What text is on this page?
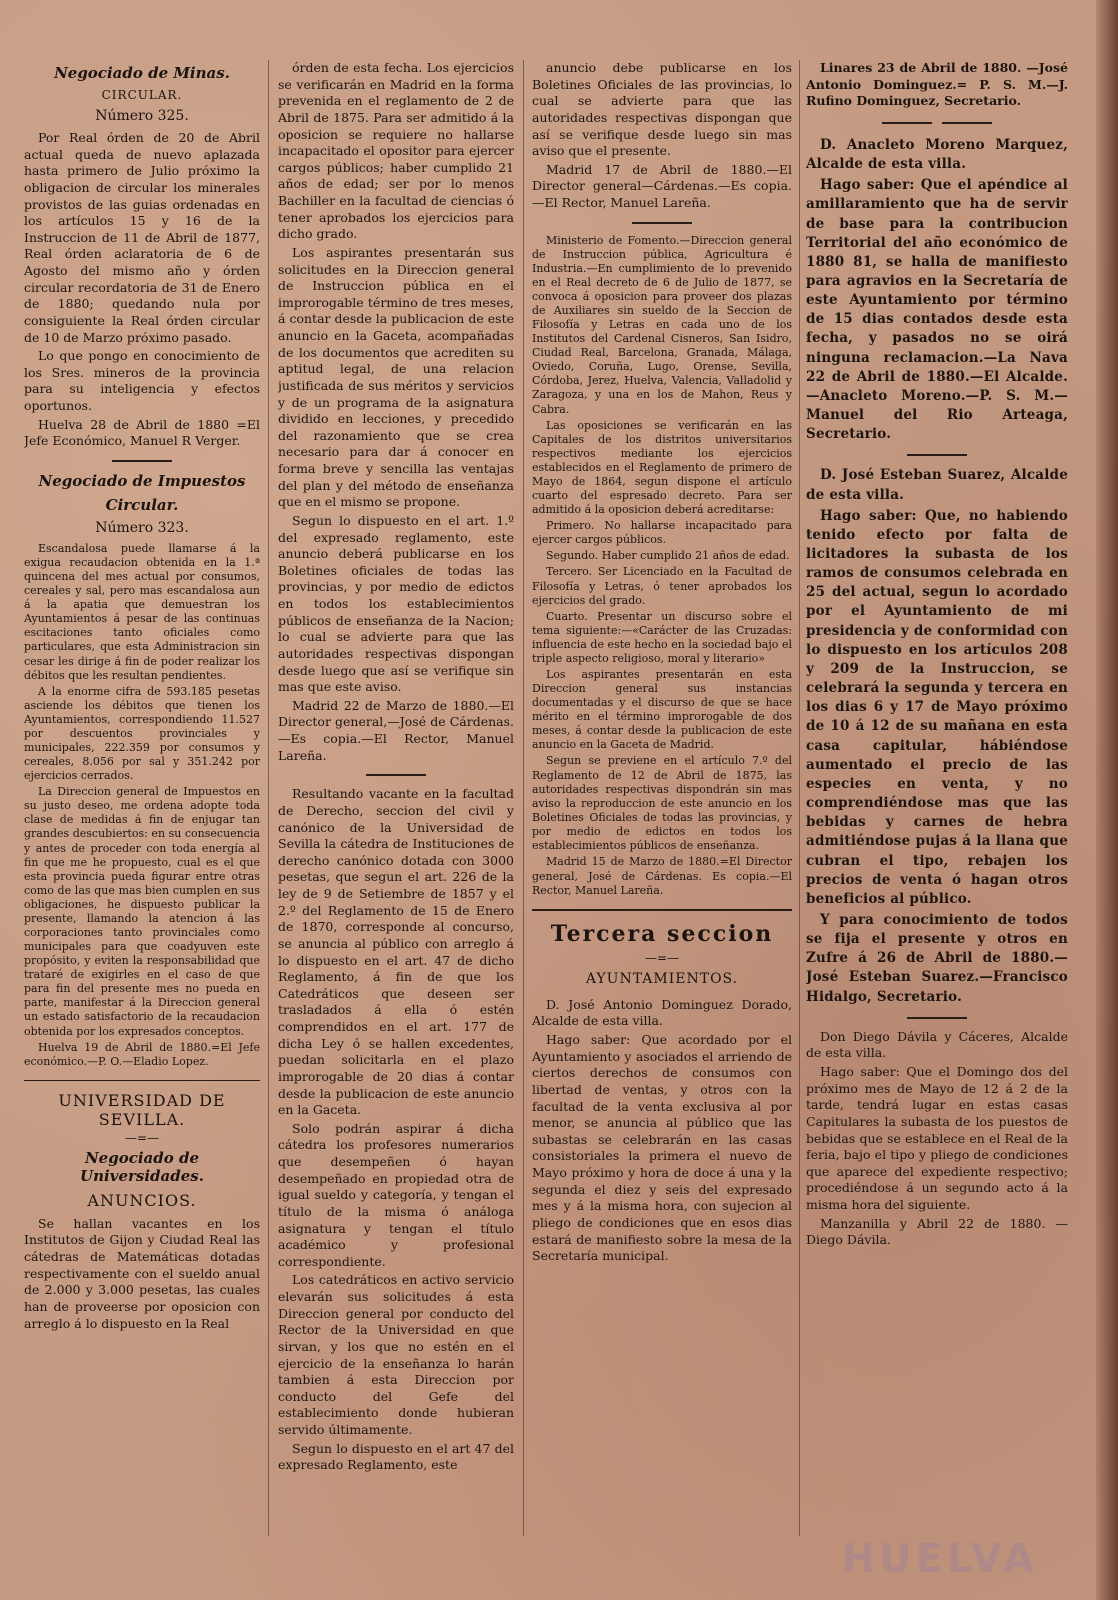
Negociado de Minas.
CIRCULAR.
Número 325.

Por Real órden de 20 de Abril actual queda de nuevo aplazada hasta primero de Julio próximo la obligacion de circular los minerales provistos de las guias ordenadas en los artículos 15 y 16 de la Instruccion de 11 de Abril de 1877, Real órden aclaratoria de 6 de Agosto del mismo año y órden circular recordatoria de 31 de Enero de 1880; quedando nula por consiguiente la Real órden circular de 10 de Marzo próximo pasado.

Lo que pongo en conocimiento de los Sres. mineros de la provincia para su inteligencia y efectos oportunos.

Huelva 28 de Abril de 1880 =El Jefe Económico, Manuel R Verger.
Negociado de Impuestos
Circular.
Número 323.

Escandalosa puede llamarse á la exigua recaudacion obtenida en la 1.ª quincena del mes actual por consumos, cereales y sal, pero mas escandalosa aun á la apatia que demuestran los Ayuntamientos á pesar de las continuas escitaciones tanto oficiales como particulares, que esta Administracion sin cesar les dirige á fin de poder realizar los débitos que les resultan pendientes.

A la enorme cifra de 593.185 pesetas asciende los débitos que tienen los Ayuntamientos, correspondiendo 11.527 por descuentos provinciales y municipales, 222.359 por consumos y cereales, 8.056 por sal y 351.242 por ejercicios cerrados.

La Direccion general de Impuestos en su justo deseo, me ordena adopte toda clase de medidas á fin de enjugar tan grandes descubiertos: en su consecuencia y antes de proceder con toda energía al fin que me he propuesto, cual es el que esta provincia pueda figurar entre otras como de las que mas bien cumplen en sus obligaciones, he dispuesto publicar la presente, llamando la atencion á las corporaciones tanto provinciales como municipales para que coadyuven este propósito, y eviten la responsabilidad que trataré de exigirles en el caso de que para fin del presente mes no pueda en parte, manifestar á la Direccion general un estado satisfactorio de la recaudacion obtenida por los expresados conceptos.

Huelva 19 de Abril de 1880.=El Jefe económico.—P. O.—Eladio Lopez.
UNIVERSIDAD DE SEVILLA.
—=—
Negociado de Universidades.
ANUNCIOS.

Se hallan vacantes en los Institutos de Gijon y Ciudad Real las cátedras de Matemáticas dotadas respectivamente con el sueldo anual de 2.000 y 3.000 pesetas, las cuales han de proveerse por oposicion con arreglo á lo dispuesto en la Real

órden de esta fecha. Los ejercicios se verificarán en Madrid en la forma prevenida en el reglamento de 2 de Abril de 1875. Para ser admitido á la oposicion se requiere no hallarse incapacitado el opositor para ejercer cargos públicos; haber cumplido 21 años de edad; ser por lo menos Bachiller en la facultad de ciencias ó tener aprobados los ejercicios para dicho grado.

Los aspirantes presentarán sus solicitudes en la Direccion general de Instruccion pública en el improrogable término de tres meses, á contar desde la publicacion de este anuncio en la Gaceta, acompañadas de los documentos que acrediten su aptitud legal, de una relacion justificada de sus méritos y servicios y de un programa de la asignatura dividido en lecciones, y precedido del razonamiento que se crea necesario para dar á conocer en forma breve y sencilla las ventajas del plan y del método de enseñanza que en el mismo se propone.

Segun lo dispuesto en el art. 1.º del expresado reglamento, este anuncio deberá publicarse en los Boletines oficiales de todas las provincias, y por medio de edictos en todos los establecimientos públicos de enseñanza de la Nacion; lo cual se advierte para que las autoridades respectivas dispongan desde luego que así se verifique sin mas que este aviso.

Madrid 22 de Marzo de 1880.—El Director general,—José de Cárdenas.—Es copia.—El Rector, Manuel Lareña.

Resultando vacante en la facultad de Derecho, seccion del civil y canónico de la Universidad de Sevilla la cátedra de Instituciones de derecho canónico dotada con 3000 pesetas, que segun el art. 226 de la ley de 9 de Setiembre de 1857 y el 2.º del Reglamento de 15 de Enero de 1870, corresponde al concurso, se anuncia al público con arreglo á lo dispuesto en el art. 47 de dicho Reglamento, á fin de que los Catedráticos que deseen ser trasladados á ella ó estén comprendidos en el art. 177 de dicha Ley ó se hallen excedentes, puedan solicitarla en el plazo improrogable de 20 dias á contar desde la publicacion de este anuncio en la Gaceta.

Solo podrán aspirar á dicha cátedra los profesores numerarios que desempeñen ó hayan desempeñado en propiedad otra de igual sueldo y categoría, y tengan el título de la misma ó análoga asignatura y tengan el título académico y profesional correspondiente.

Los catedráticos en activo servicio elevarán sus solicitudes á esta Direccion general por conducto del Rector de la Universidad en que sirvan, y los que no estén en el ejercicio de la enseñanza lo harán tambien á esta Direccion por conducto del Gefe del establecimiento donde hubieran servido últimamente.

Segun lo dispuesto en el art 47 del expresado Reglamento, este

anuncio debe publicarse en los Boletines Oficiales de las provincias, lo cual se advierte para que las autoridades respectivas dispongan que así se verifique desde luego sin mas aviso que el presente.

Madrid 17 de Abril de 1880.—El Director general—Cárdenas.—Es copia.—El Rector, Manuel Lareña.

Ministerio de Fomento.—Direccion general de Instruccion pública, Agricultura é Industria.—En cumplimiento de lo prevenido en el Real decreto de 6 de Julio de 1877, se convoca á oposicion para proveer dos plazas de Auxiliares sin sueldo de la Seccion de Filosofía y Letras en cada uno de los Institutos del Cardenal Cisneros, San Isidro, Ciudad Real, Barcelona, Granada, Málaga, Oviedo, Coruña, Lugo, Orense, Sevilla, Córdoba, Jerez, Huelva, Valencia, Valladolid y Zaragoza, y una en los de Mahon, Reus y Cabra.

Las oposiciones se verificarán en las Capitales de los distritos universitarios respectivos mediante los ejercicios establecidos en el Reglamento de primero de Mayo de 1864, segun dispone el artículo cuarto del espresado decreto. Para ser admitido á la oposicion deberá acreditarse:

Primero. No hallarse incapacitado para ejercer cargos públicos.

Segundo. Haber cumplido 21 años de edad.

Tercero. Ser Licenciado en la Facultad de Filosofía y Letras, ó tener aprobados los ejercicios del grado.

Cuarto. Presentar un discurso sobre el tema siguiente:—«Carácter de las Cruzadas: influencia de este hecho en la sociedad bajo el triple aspecto religioso, moral y literario»

Los aspirantes presentarán en esta Direccion general sus instancias documentadas y el discurso de que se hace mérito en el término improrogable de dos meses, á contar desde la publicacion de este anuncio en la Gaceta de Madrid.

Segun se previene en el artículo 7.º del Reglamento de 12 de Abril de 1875, las autoridades respectivas dispondrán sin mas aviso la reproduccion de este anuncio en los Boletines Oficiales de todas las provincias, y por medio de edictos en todos los establecimientos públicos de enseñanza.

Madrid 15 de Marzo de 1880.=El Director general, José de Cárdenas. Es copia.—El Rector, Manuel Lareña.
Tercera seccion
—=—
AYUNTAMIENTOS.

D. José Antonio Dominguez Dorado, Alcalde de esta villa.

Hago saber: Que acordado por el Ayuntamiento y asociados el arriendo de ciertos derechos de consumos con libertad de ventas, y otros con la facultad de la venta exclusiva al por menor, se anuncia al público que las subastas se celebrarán en las casas consistoriales la primera el nuevo de Mayo próximo y hora de doce á una y la segunda el diez y seis del expresado mes y á la misma hora, con sujecion al pliego de condiciones que en esos dias estará de manifiesto sobre la mesa de la Secretaría municipal.

Linares 23 de Abril de 1880. —José Antonio Dominguez.= P. S. M.—J. Rufino Dominguez, Secretario.

D. Anacleto Moreno Marquez, Alcalde de esta villa.

Hago saber: Que el apéndice al amillaramiento que ha de servir de base para la contribucion Territorial del año económico de 1880 81, se halla de manifiesto para agravios en la Secretaría de este Ayuntamiento por término de 15 dias contados desde esta fecha, y pasados no se oirá ninguna reclamacion.—La Nava 22 de Abril de 1880.—El Alcalde.—Anacleto Moreno.—P. S. M.—Manuel del Rio Arteaga, Secretario.

D. José Esteban Suarez, Alcalde de esta villa.

Hago saber: Que, no habiendo tenido efecto por falta de licitadores la subasta de los ramos de consumos celebrada en 25 del actual, segun lo acordado por el Ayuntamiento de mi presidencia y de conformidad con lo dispuesto en los artículos 208 y 209 de la Instruccion, se celebrará la segunda y tercera en los dias 6 y 17 de Mayo próximo de 10 á 12 de su mañana en esta casa capitular, hábiéndose aumentado el precio de las especies en venta, y no comprendiéndose mas que las bebidas y carnes de hebra admitiéndose pujas á la llana que cubran el tipo, rebajen los precios de venta ó hagan otros beneficios al público.

Y para conocimiento de todos se fija el presente y otros en Zufre á 26 de Abril de 1880.—José Esteban Suarez.—Francisco Hidalgo, Secretario.

Don Diego Dávila y Cáceres, Alcalde de esta villa.

Hago saber: Que el Domingo dos del próximo mes de Mayo de 12 á 2 de la tarde, tendrá lugar en estas casas Capitulares la subasta de los puestos de bebidas que se establece en el Real de la feria, bajo el tipo y pliego de condiciones que aparece del expediente respectivo; procediéndose á un segundo acto á la misma hora del siguiente.

Manzanilla y Abril 22 de 1880. —Diego Dávila.
HUELVA
